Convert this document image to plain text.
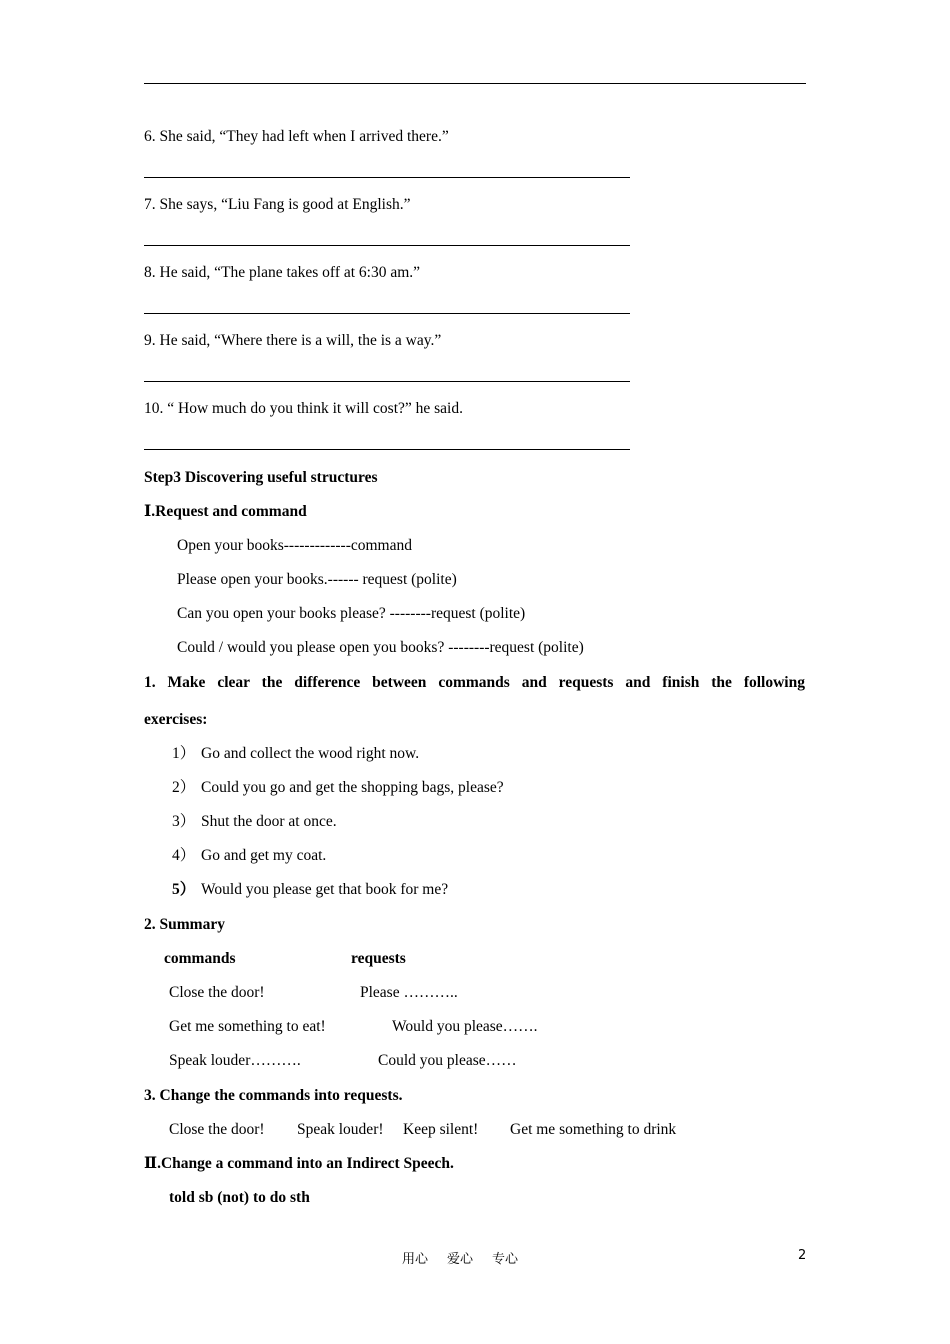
6. She said, “They had left when I arrived there.”
7. She says, “Liu Fang is good at English.”
8. He said, “The plane takes off at 6:30 am.”
9. He said, “Where there is a will, the is a way.”
10. “ How much do you think it will cost?” he said.
Step3 Discovering useful structures
Ⅰ.Request and command
Open your books-------------command
Please open your books.------ request (polite)
Can you open your books please? --------request (polite)
Could / would you please open you books? --------request (polite)
1. Make clear the difference between commands and requests and finish the following
exercises:
1） Go and collect the wood right now.
2） Could you go and get the shopping bags, please?
3） Shut the door at once.
4） Go and get my coat.
5） Would you please get that book for me?
2. Summary
commands	requests
Close the door!	Please ………..
Get me something to eat!	Would you please…….
Speak louder……….	Could you please……
3. Change the commands into requests.
Close the door! Speak louder! Keep silent! Get me something to drink
Ⅱ.Change a command into an Indirect Speech.
told sb (not) to do sth
用心 爱心 专心	2
